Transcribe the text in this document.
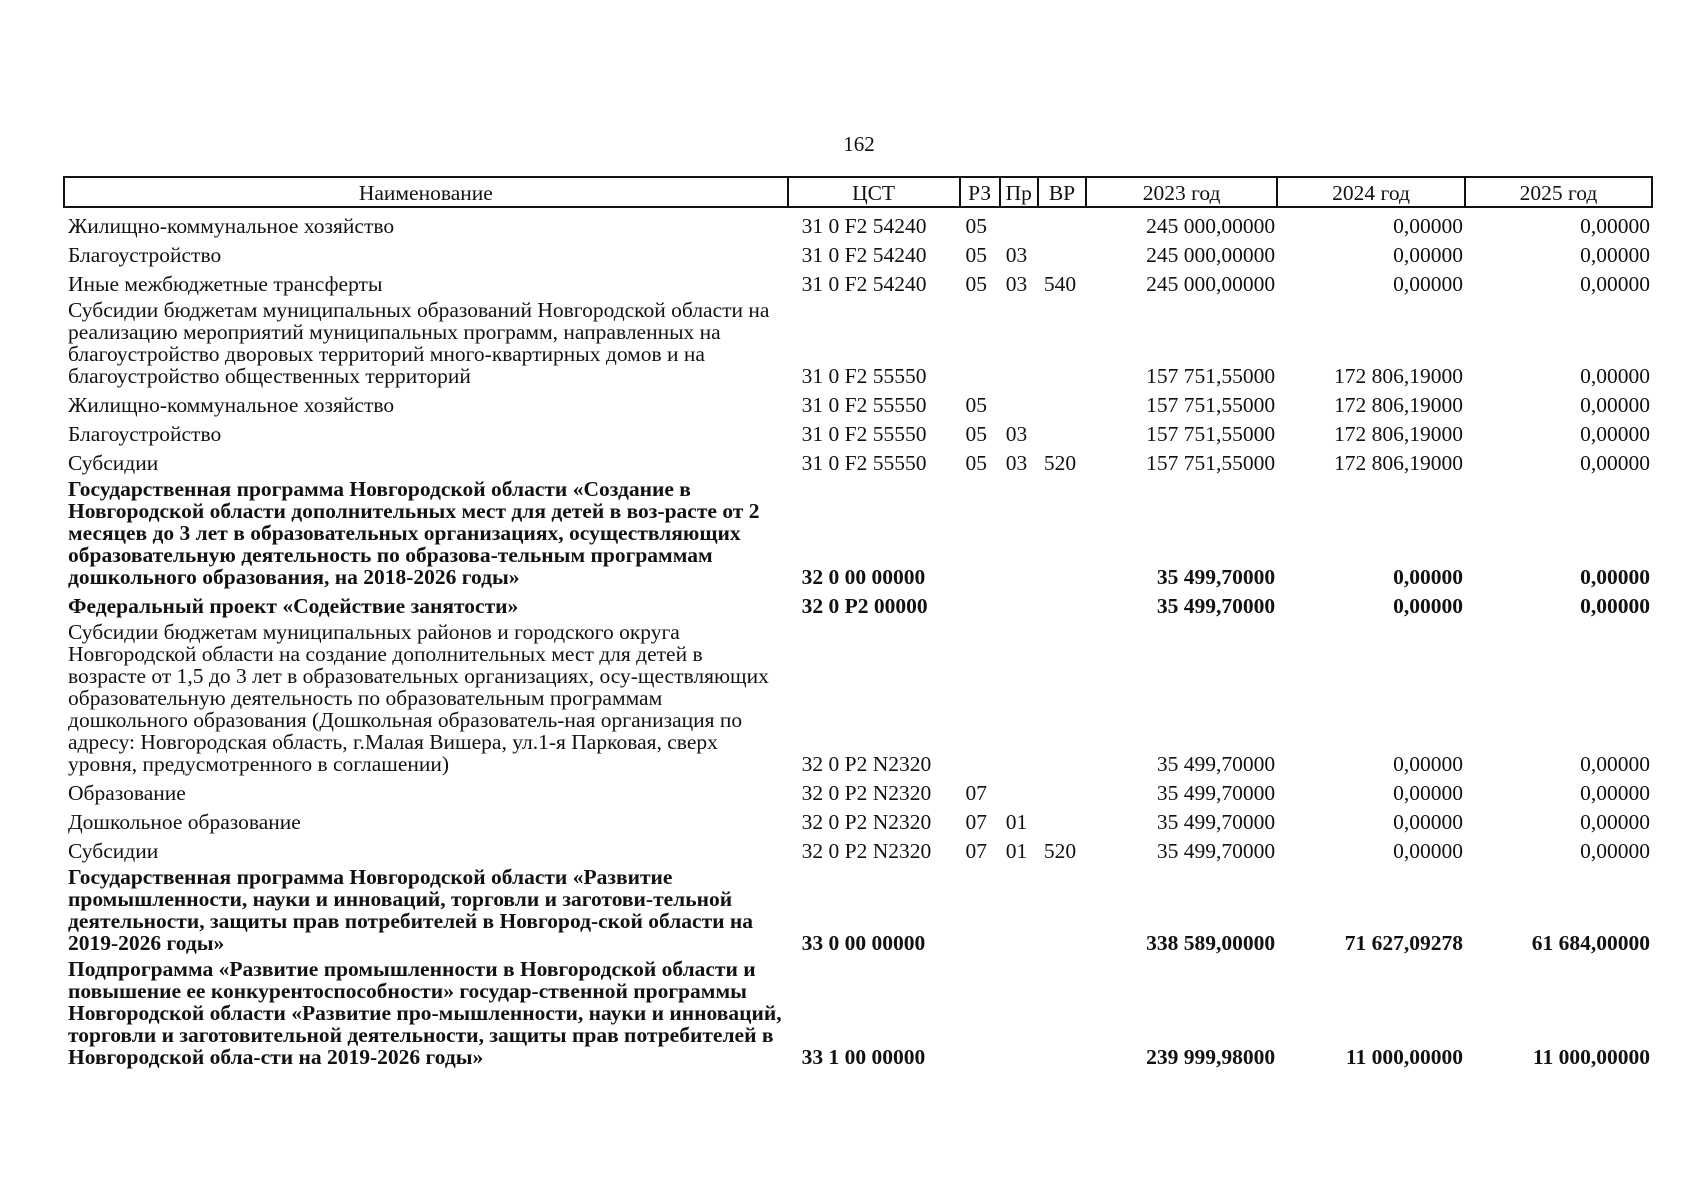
162
Наименование	ЦСТ	РЗ	Пр	ВР	2023 год	2024 год	2025 год
Жилищно-коммунальное хозяйство	31 0 F2 54240	05			245 000,00000	0,00000	0,00000
Благоустройство	31 0 F2 54240	05	03		245 000,00000	0,00000	0,00000
Иные межбюджетные трансферты	31 0 F2 54240	05	03	540	245 000,00000	0,00000	0,00000
Субсидии бюджетам муниципальных образований Новгородской области на реализацию мероприятий муниципальных программ, направленных на благоустройство дворовых территорий много-квартирных домов и на благоустройство общественных территорий	31 0 F2 55550				157 751,55000	172 806,19000	0,00000
Жилищно-коммунальное хозяйство	31 0 F2 55550	05			157 751,55000	172 806,19000	0,00000
Благоустройство	31 0 F2 55550	05	03		157 751,55000	172 806,19000	0,00000
Субсидии	31 0 F2 55550	05	03	520	157 751,55000	172 806,19000	0,00000
Государственная программа Новгородской области «Создание в Новгородской области дополнительных мест для детей в воз-расте от 2 месяцев до 3 лет в образовательных организациях, осуществляющих образовательную деятельность по образова-тельным программам дошкольного образования, на 2018-2026 годы»	32 0 00 00000				35 499,70000	0,00000	0,00000
Федеральный проект «Содействие занятости»	32 0 P2 00000				35 499,70000	0,00000	0,00000
Субсидии бюджетам муниципальных районов и городского округа Новгородской области на создание дополнительных мест для детей в возрасте от 1,5 до 3 лет в образовательных организациях, осу-ществляющих образовательную деятельность по образовательным программам дошкольного образования (Дошкольная образователь-ная организация по адресу: Новгородская область, г.Малая Вишера, ул.1-я Парковая, сверх уровня, предусмотренного в соглашении)	32 0 P2 N2320				35 499,70000	0,00000	0,00000
Образование	32 0 P2 N2320	07			35 499,70000	0,00000	0,00000
Дошкольное образование	32 0 P2 N2320	07	01		35 499,70000	0,00000	0,00000
Субсидии	32 0 P2 N2320	07	01	520	35 499,70000	0,00000	0,00000
Государственная программа Новгородской области «Развитие промышленности, науки и инноваций, торговли и заготови-тельной деятельности, защиты прав потребителей в Новгород-ской области на 2019-2026 годы»	33 0 00 00000				338 589,00000	71 627,09278	61 684,00000
Подпрограмма «Развитие промышленности в Новгородской области и повышение ее конкурентоспособности» государ-ственной программы Новгородской области «Развитие про-мышленности, науки и инноваций, торговли и заготовительной деятельности, защиты прав потребителей в Новгородской обла-сти на 2019-2026 годы»	33 1 00 00000				239 999,98000	11 000,00000	11 000,00000
